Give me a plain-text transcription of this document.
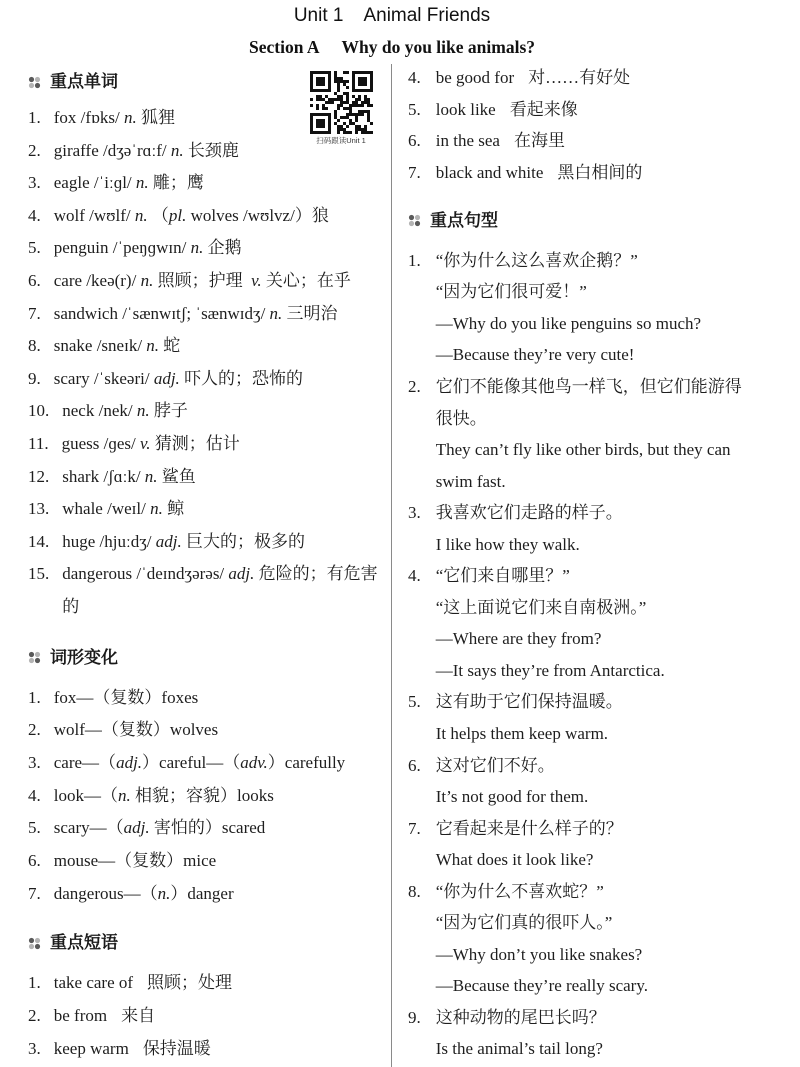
Unit 1 Animal Friends
Section A Why do you like animals?
重点单词
1. fox /fɒks/ n. 狐狸
2. giraffe /dʒəˈrɑːf/ n. 长颈鹿
3. eagle /ˈiːɡl/ n. 雕；鹰
4. wolf /wʊlf/ n. （pl. wolves /wʊlvz/）狼
5. penguin /ˈpeŋɡwɪn/ n. 企鹅
6. care /keə(r)/ n. 照顾；护理  v. 关心；在乎
7. sandwich /ˈsænwɪtʃ; ˈsænwɪdʒ/ n. 三明治
8. snake /sneɪk/ n. 蛇
9. scary /ˈskeəri/ adj. 吓人的；恐怖的
10. neck /nek/ n. 脖子
11. guess /ɡes/ v. 猜测；估计
12. shark /ʃɑːk/ n. 鲨鱼
13. whale /weɪl/ n. 鲸
14. huge /hjuːdʒ/ adj. 巨大的；极多的
15. dangerous /ˈdeɪndʒərəs/ adj. 危险的；有危害的
词形变化
1. fox—（复数）foxes
2. wolf—（复数）wolves
3. care—（adj.）careful—（adv.）carefully
4. look—（n. 相貌；容貌）looks
5. scary—（adj. 害怕的）scared
6. mouse—（复数）mice
7. dangerous—（n.）danger
重点短语
1. take care of 照顾；处理
2. be from 来自
3. keep warm 保持温暖
扫码跟读Unit 1
4. be good for 对……有好处
5. look like 看起来像
6. in the sea 在海里
7. black and white 黑白相间的
重点句型
1. “你为什么这么喜欢企鹅？”
“因为它们很可爱！”
—Why do you like penguins so much?
—Because they’re very cute!
2. 它们不能像其他鸟一样飞，但它们能游得很快。
They can’t fly like other birds, but they can swim fast.
3. 我喜欢它们走路的样子。
I like how they walk.
4. “它们来自哪里？”
“这上面说它们来自南极洲。”
—Where are they from?
—It says they’re from Antarctica.
5. 这有助于它们保持温暖。
It helps them keep warm.
6. 这对它们不好。
It’s not good for them.
7. 它看起来是什么样子的？
What does it look like?
8. “你为什么不喜欢蛇？”
“因为它们真的很吓人。”
—Why don’t you like snakes?
—Because they’re really scary.
9. 这种动物的尾巴长吗？
Is the animal’s tail long?
